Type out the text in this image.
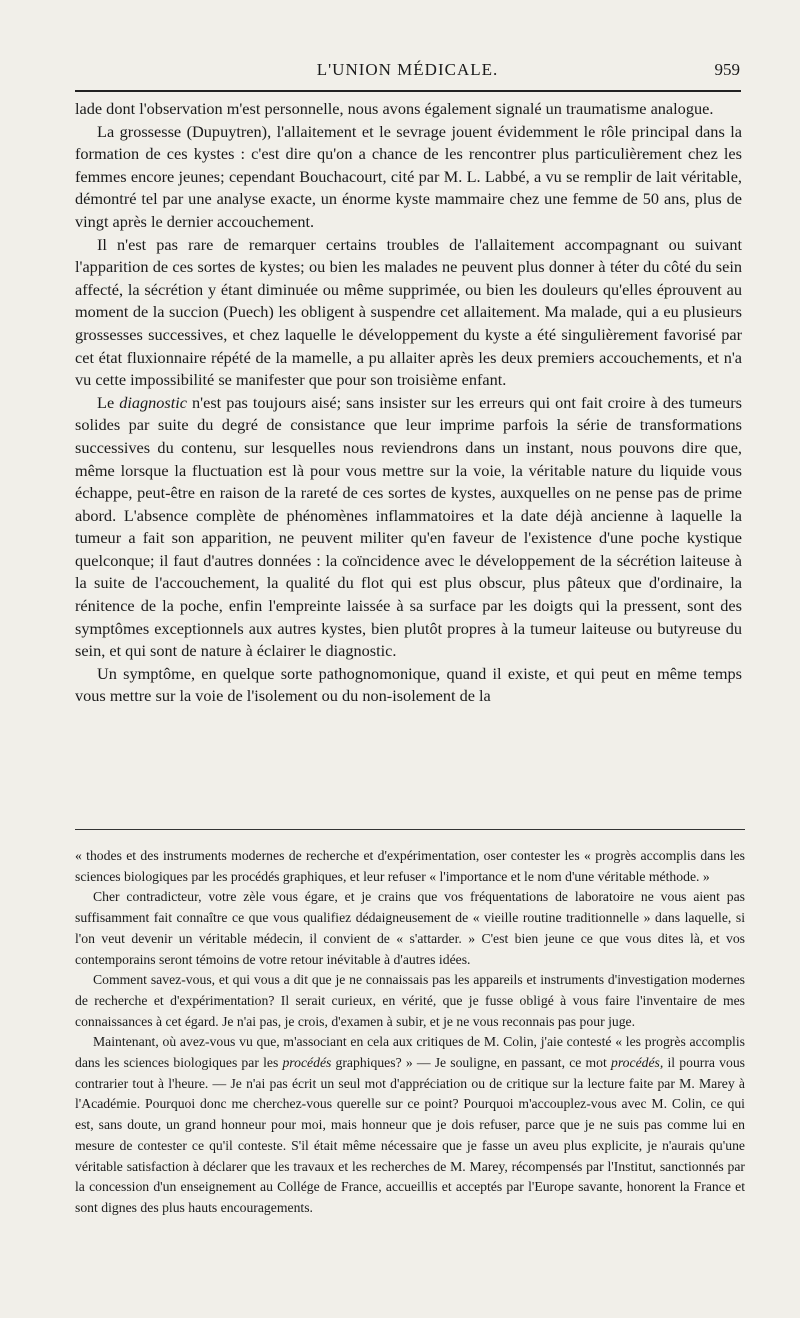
L'UNION MÉDICALE.	959

lade dont l'observation m'est personnelle, nous avons également signalé un traumatisme analogue.

La grossesse (Dupuytren), l'allaitement et le sevrage jouent évidemment le rôle principal dans la formation de ces kystes : c'est dire qu'on a chance de les rencontrer plus particulièrement chez les femmes encore jeunes; cependant Bouchacourt, cité par M. L. Labbé, a vu se remplir de lait véritable, démontré tel par une analyse exacte, un énorme kyste mammaire chez une femme de 50 ans, plus de vingt après le dernier accouchement.

Il n'est pas rare de remarquer certains troubles de l'allaitement accompagnant ou suivant l'apparition de ces sortes de kystes; ou bien les malades ne peuvent plus donner à téter du côté du sein affecté, la sécrétion y étant diminuée ou même supprimée, ou bien les douleurs qu'elles éprouvent au moment de la succion (Puech) les obligent à suspendre cet allaitement. Ma malade, qui a eu plusieurs grossesses successives, et chez laquelle le développement du kyste a été singulièrement favorisé par cet état fluxionnaire répété de la mamelle, a pu allaiter après les deux premiers accouchements, et n'a vu cette impossibilité se manifester que pour son troisième enfant.

Le diagnostic n'est pas toujours aisé; sans insister sur les erreurs qui ont fait croire à des tumeurs solides par suite du degré de consistance que leur imprime parfois la série de transformations successives du contenu, sur lesquelles nous reviendrons dans un instant, nous pouvons dire que, même lorsque la fluctuation est là pour vous mettre sur la voie, la véritable nature du liquide vous échappe, peut-être en raison de la rareté de ces sortes de kystes, auxquelles on ne pense pas de prime abord. L'absence complète de phénomènes inflammatoires et la date déjà ancienne à laquelle la tumeur a fait son apparition, ne peuvent militer qu'en faveur de l'existence d'une poche kystique quelconque; il faut d'autres données : la coïncidence avec le développement de la sécrétion laiteuse à la suite de l'accouchement, la qualité du flot qui est plus obscur, plus pâteux que d'ordinaire, la rénitence de la poche, enfin l'empreinte laissée à sa surface par les doigts qui la pressent, sont des symptômes exceptionnels aux autres kystes, bien plutôt propres à la tumeur laiteuse ou butyreuse du sein, et qui sont de nature à éclairer le diagnostic.

Un symptôme, en quelque sorte pathognomonique, quand il existe, et qui peut en même temps vous mettre sur la voie de l'isolement ou du non-isolement de la

« thodes et des instruments modernes de recherche et d'expérimentation, oser contester les « progrès accomplis dans les sciences biologiques par les procédés graphiques, et leur refuser « l'importance et le nom d'une véritable méthode. »

Cher contradicteur, votre zèle vous égare, et je crains que vos fréquentations de laboratoire ne vous aient pas suffisamment fait connaître ce que vous qualifiez dédaigneusement de « vieille routine traditionnelle » dans laquelle, si l'on veut devenir un véritable médecin, il convient de « s'attarder. » C'est bien jeune ce que vous dites là, et vos contemporains seront témoins de votre retour inévitable à d'autres idées.

Comment savez-vous, et qui vous a dit que je ne connaissais pas les appareils et instruments d'investigation modernes de recherche et d'expérimentation? Il serait curieux, en vérité, que je fusse obligé à vous faire l'inventaire de mes connaissances à cet égard. Je n'ai pas, je crois, d'examen à subir, et je ne vous reconnais pas pour juge.

Maintenant, où avez-vous vu que, m'associant en cela aux critiques de M. Colin, j'aie contesté « les progrès accomplis dans les sciences biologiques par les procédés graphiques? » — Je souligne, en passant, ce mot procédés, il pourra vous contrarier tout à l'heure. — Je n'ai pas écrit un seul mot d'appréciation ou de critique sur la lecture faite par M. Marey à l'Académie. Pourquoi donc me cherchez-vous querelle sur ce point? Pourquoi m'accouplez-vous avec M. Colin, ce qui est, sans doute, un grand honneur pour moi, mais honneur que je dois refuser, parce que je ne suis pas comme lui en mesure de contester ce qu'il conteste. S'il était même nécessaire que je fasse un aveu plus explicite, je n'aurais qu'une véritable satisfaction à déclarer que les travaux et les recherches de M. Marey, récompensés par l'Institut, sanctionnés par la concession d'un enseignement au Collége de France, accueillis et acceptés par l'Europe savante, honorent la France et sont dignes des plus hauts encouragements.
